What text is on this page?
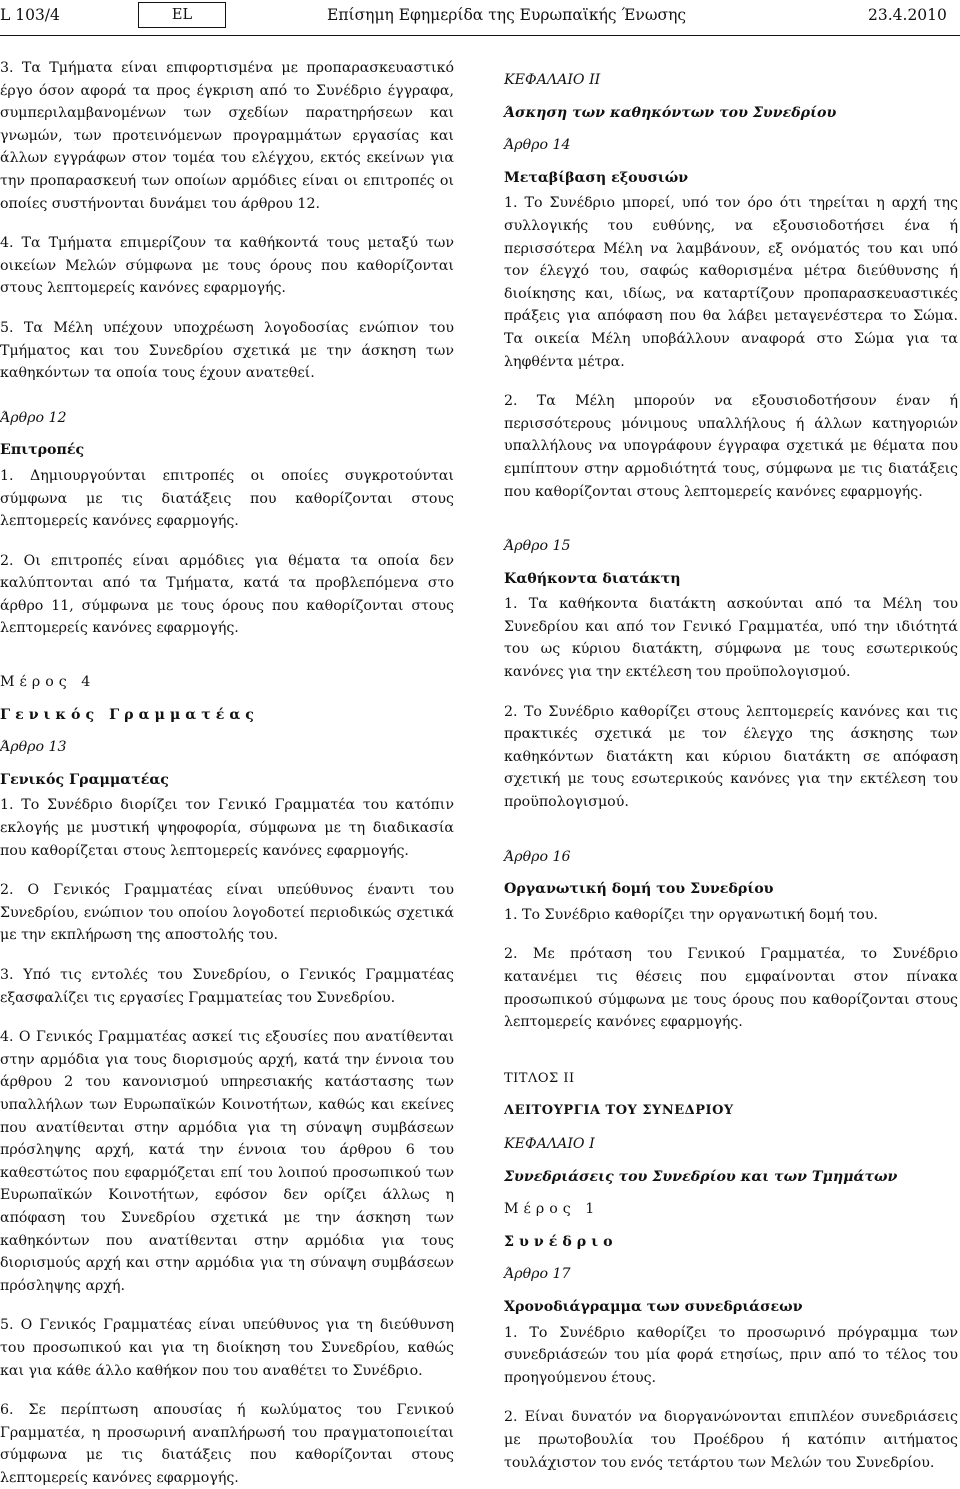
L 103/4	EL	Επίσημη Εφημερίδα της Ευρωπαϊκής Ένωσης	23.4.2010

3. Τα Τμήματα είναι επιφορτισμένα με προπαρασκευαστικό έργο όσον αφορά τα προς έγκριση από το Συνέδριο έγγραφα, συμπεριλαμβανομένων των σχεδίων παρατηρήσεων και γνωμών, των προτεινόμενων προγραμμάτων εργασίας και άλλων εγγράφων στον τομέα του ελέγχου, εκτός εκείνων για την προπαρασκευή των οποίων αρμόδιες είναι οι επιτροπές οι οποίες συστήνονται δυνάμει του άρθρου 12.

4. Τα Τμήματα επιμερίζουν τα καθήκοντά τους μεταξύ των οικείων Μελών σύμφωνα με τους όρους που καθορίζονται στους λεπτομερείς κανόνες εφαρμογής.

5. Τα Μέλη υπέχουν υποχρέωση λογοδοσίας ενώπιον του Τμήματος και του Συνεδρίου σχετικά με την άσκηση των καθηκόντων τα οποία τους έχουν ανατεθεί.

Άρθρο 12

Επιτροπές

1. Δημιουργούνται επιτροπές οι οποίες συγκροτούνται σύμφωνα με τις διατάξεις που καθορίζονται στους λεπτομερείς κανόνες εφαρμογής.

2. Οι επιτροπές είναι αρμόδιες για θέματα τα οποία δεν καλύπτονται από τα Τμήματα, κατά τα προβλεπόμενα στο άρθρο 11, σύμφωνα με τους όρους που καθορίζονται στους λεπτομερείς κανόνες εφαρμογής.

Μέρος 4

Γενικός Γραμματέας

Άρθρο 13

Γενικός Γραμματέας

1. Το Συνέδριο διορίζει τον Γενικό Γραμματέα του κατόπιν εκλογής με μυστική ψηφοφορία, σύμφωνα με τη διαδικασία που καθορίζεται στους λεπτομερείς κανόνες εφαρμογής.

2. Ο Γενικός Γραμματέας είναι υπεύθυνος έναντι του Συνεδρίου, ενώπιον του οποίου λογοδοτεί περιοδικώς σχετικά με την εκπλήρωση της αποστολής του.

3. Υπό τις εντολές του Συνεδρίου, ο Γενικός Γραμματέας εξασφαλίζει τις εργασίες Γραμματείας του Συνεδρίου.

4. Ο Γενικός Γραμματέας ασκεί τις εξουσίες που ανατίθενται στην αρμόδια για τους διορισμούς αρχή, κατά την έννοια του άρθρου 2 του κανονισμού υπηρεσιακής κατάστασης των υπαλλήλων των Ευρωπαϊκών Κοινοτήτων, καθώς και εκείνες που ανατίθενται στην αρμόδια για τη σύναψη συμβάσεων πρόσληψης αρχή, κατά την έννοια του άρθρου 6 του καθεστώτος που εφαρμόζεται επί του λοιπού προσωπικού των Ευρωπαϊκών Κοινοτήτων, εφόσον δεν ορίζει άλλως η απόφαση του Συνεδρίου σχετικά με την άσκηση των καθηκόντων που ανατίθενται στην αρμόδια για τους διορισμούς αρχή και στην αρμόδια για τη σύναψη συμβάσεων πρόσληψης αρχή.

5. Ο Γενικός Γραμματέας είναι υπεύθυνος για τη διεύθυνση του προσωπικού και για τη διοίκηση του Συνεδρίου, καθώς και για κάθε άλλο καθήκον που του αναθέτει το Συνέδριο.

6. Σε περίπτωση απουσίας ή κωλύματος του Γενικού Γραμματέα, η προσωρινή αναπλήρωσή του πραγματοποιείται σύμφωνα με τις διατάξεις που καθορίζονται στους λεπτομερείς κανόνες εφαρμογής.

ΚΕΦΑΛΑΙΟ II

Άσκηση των καθηκόντων του Συνεδρίου

Άρθρο 14

Μεταβίβαση εξουσιών

1. Το Συνέδριο μπορεί, υπό τον όρο ότι τηρείται η αρχή της συλλογικής του ευθύνης, να εξουσιοδοτήσει ένα ή περισσότερα Μέλη να λαμβάνουν, εξ ονόματός του και υπό τον έλεγχό του, σαφώς καθορισμένα μέτρα διεύθυνσης ή διοίκησης και, ιδίως, να καταρτίζουν προπαρασκευαστικές πράξεις για απόφαση που θα λάβει μεταγενέστερα το Σώμα. Τα οικεία Μέλη υποβάλλουν αναφορά στο Σώμα για τα ληφθέντα μέτρα.

2. Τα Μέλη μπορούν να εξουσιοδοτήσουν έναν ή περισσότερους μόνιμους υπαλλήλους ή άλλων κατηγοριών υπαλλήλους να υπογράφουν έγγραφα σχετικά με θέματα που εμπίπτουν στην αρμοδιότητά τους, σύμφωνα με τις διατάξεις που καθορίζονται στους λεπτομερείς κανόνες εφαρμογής.

Άρθρο 15

Καθήκοντα διατάκτη

1. Τα καθήκοντα διατάκτη ασκούνται από τα Μέλη του Συνεδρίου και από τον Γενικό Γραμματέα, υπό την ιδιότητά του ως κύριου διατάκτη, σύμφωνα με τους εσωτερικούς κανόνες για την εκτέλεση του προϋπολογισμού.

2. Το Συνέδριο καθορίζει στους λεπτομερείς κανόνες και τις πρακτικές σχετικά με τον έλεγχο της άσκησης των καθηκόντων διατάκτη και κύριου διατάκτη σε απόφαση σχετική με τους εσωτερικούς κανόνες για την εκτέλεση του προϋπολογισμού.

Άρθρο 16

Οργανωτική δομή του Συνεδρίου

1. Το Συνέδριο καθορίζει την οργανωτική δομή του.

2. Με πρόταση του Γενικού Γραμματέα, το Συνέδριο κατανέμει τις θέσεις που εμφαίνονται στον πίνακα προσωπικού σύμφωνα με τους όρους που καθορίζονται στους λεπτομερείς κανόνες εφαρμογής.

ΤΙΤΛΟΣ II

ΛΕΙΤΟΥΡΓΙΑ ΤΟΥ ΣΥΝΕΔΡΙΟΥ

ΚΕΦΑΛΑΙΟ I

Συνεδριάσεις του Συνεδρίου και των Τμημάτων

Μέρος 1

Συνέδριο

Άρθρο 17

Χρονοδιάγραμμα των συνεδριάσεων

1. Το Συνέδριο καθορίζει το προσωρινό πρόγραμμα των συνεδριάσεών του μία φορά ετησίως, πριν από το τέλος του προηγούμενου έτους.

2. Είναι δυνατόν να διοργανώνονται επιπλέον συνεδριάσεις με πρωτοβουλία του Προέδρου ή κατόπιν αιτήματος τουλάχιστον του ενός τετάρτου των Μελών του Συνεδρίου.
